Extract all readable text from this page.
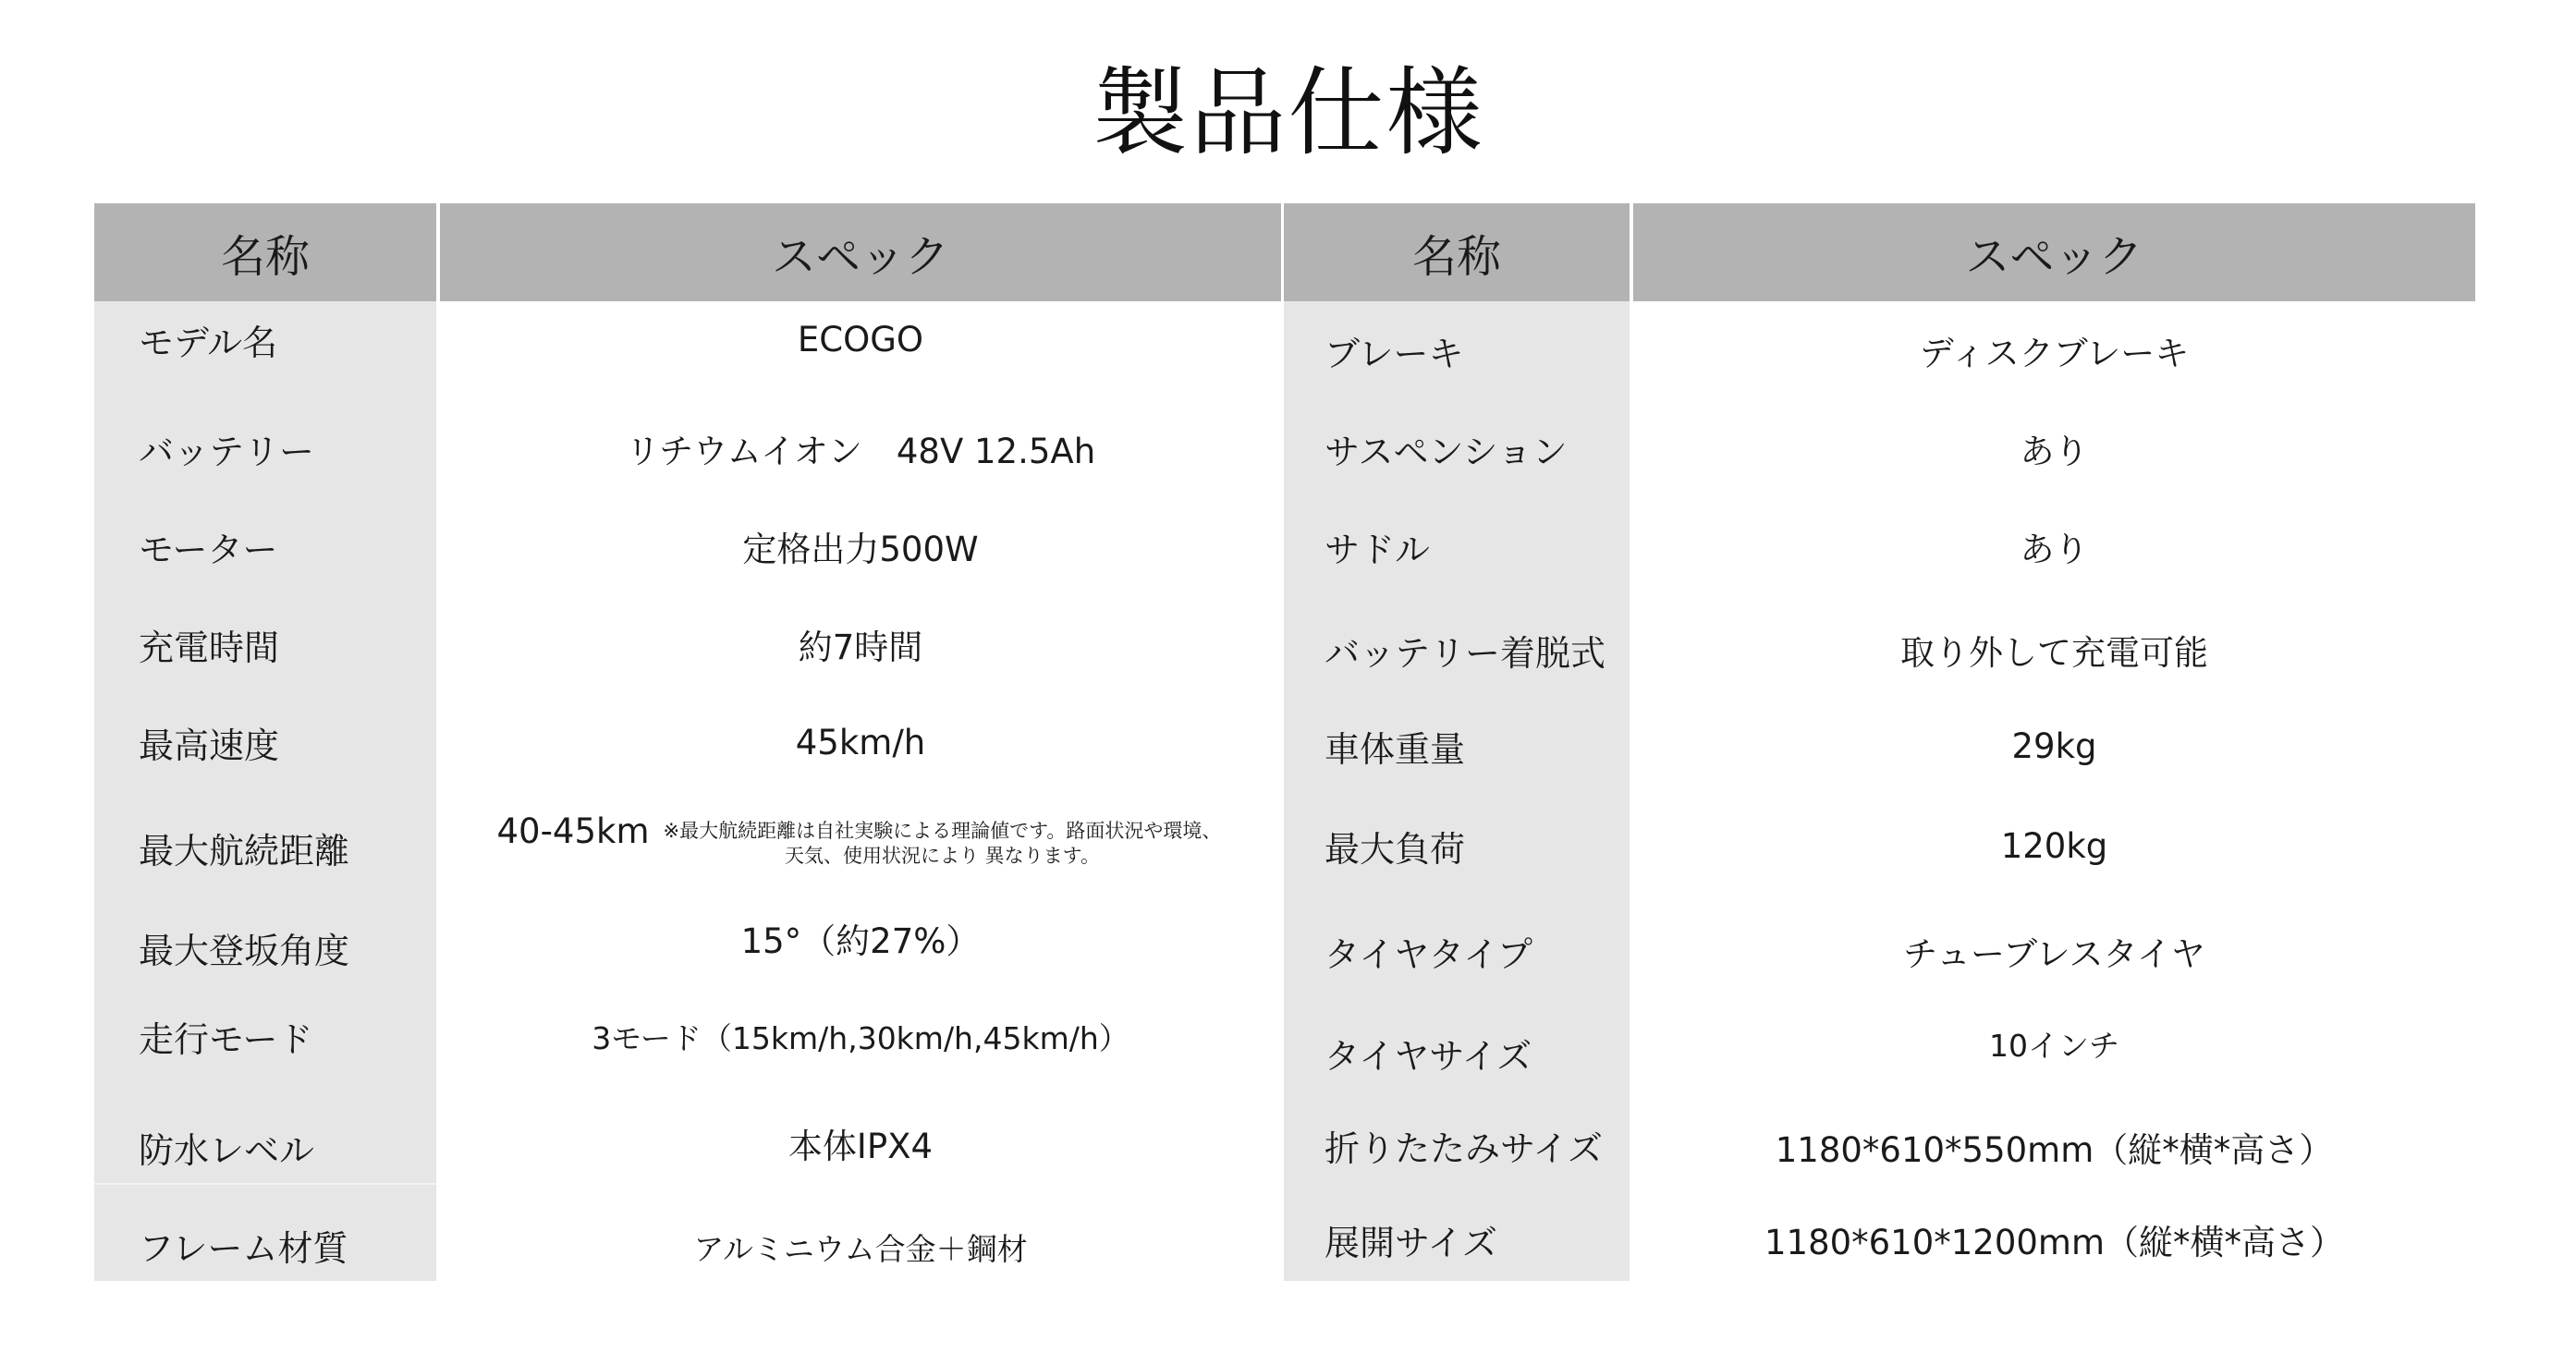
製品仕様
名称	スペック	名称	スペック
モデル名	ECOGO
バッテリー	リチウムイオン　48V 12.5Ah
モーター	定格出力500W
充電時間	約7時間
最高速度	45km/h
最大航続距離	40-45km ※最大航続距離は自社実験による理論値です。路面状況や環境、天気、使用状況により 異なります。
最大登坂角度	15°（約27%）
走行モード	3モード（15km/h,30km/h,45km/h）
防水レベル	本体IPX4
フレーム材質	アルミニウム合金＋鋼材
ブレーキ	ディスクブレーキ
サスペンション	あり
サドル	あり
バッテリー着脱式	取り外して充電可能
車体重量	29kg
最大負荷	120kg
タイヤタイプ	チューブレスタイヤ
タイヤサイズ	10インチ
折りたたみサイズ	1180*610*550mm（縦*横*高さ）
展開サイズ	1180*610*1200mm（縦*横*高さ）
